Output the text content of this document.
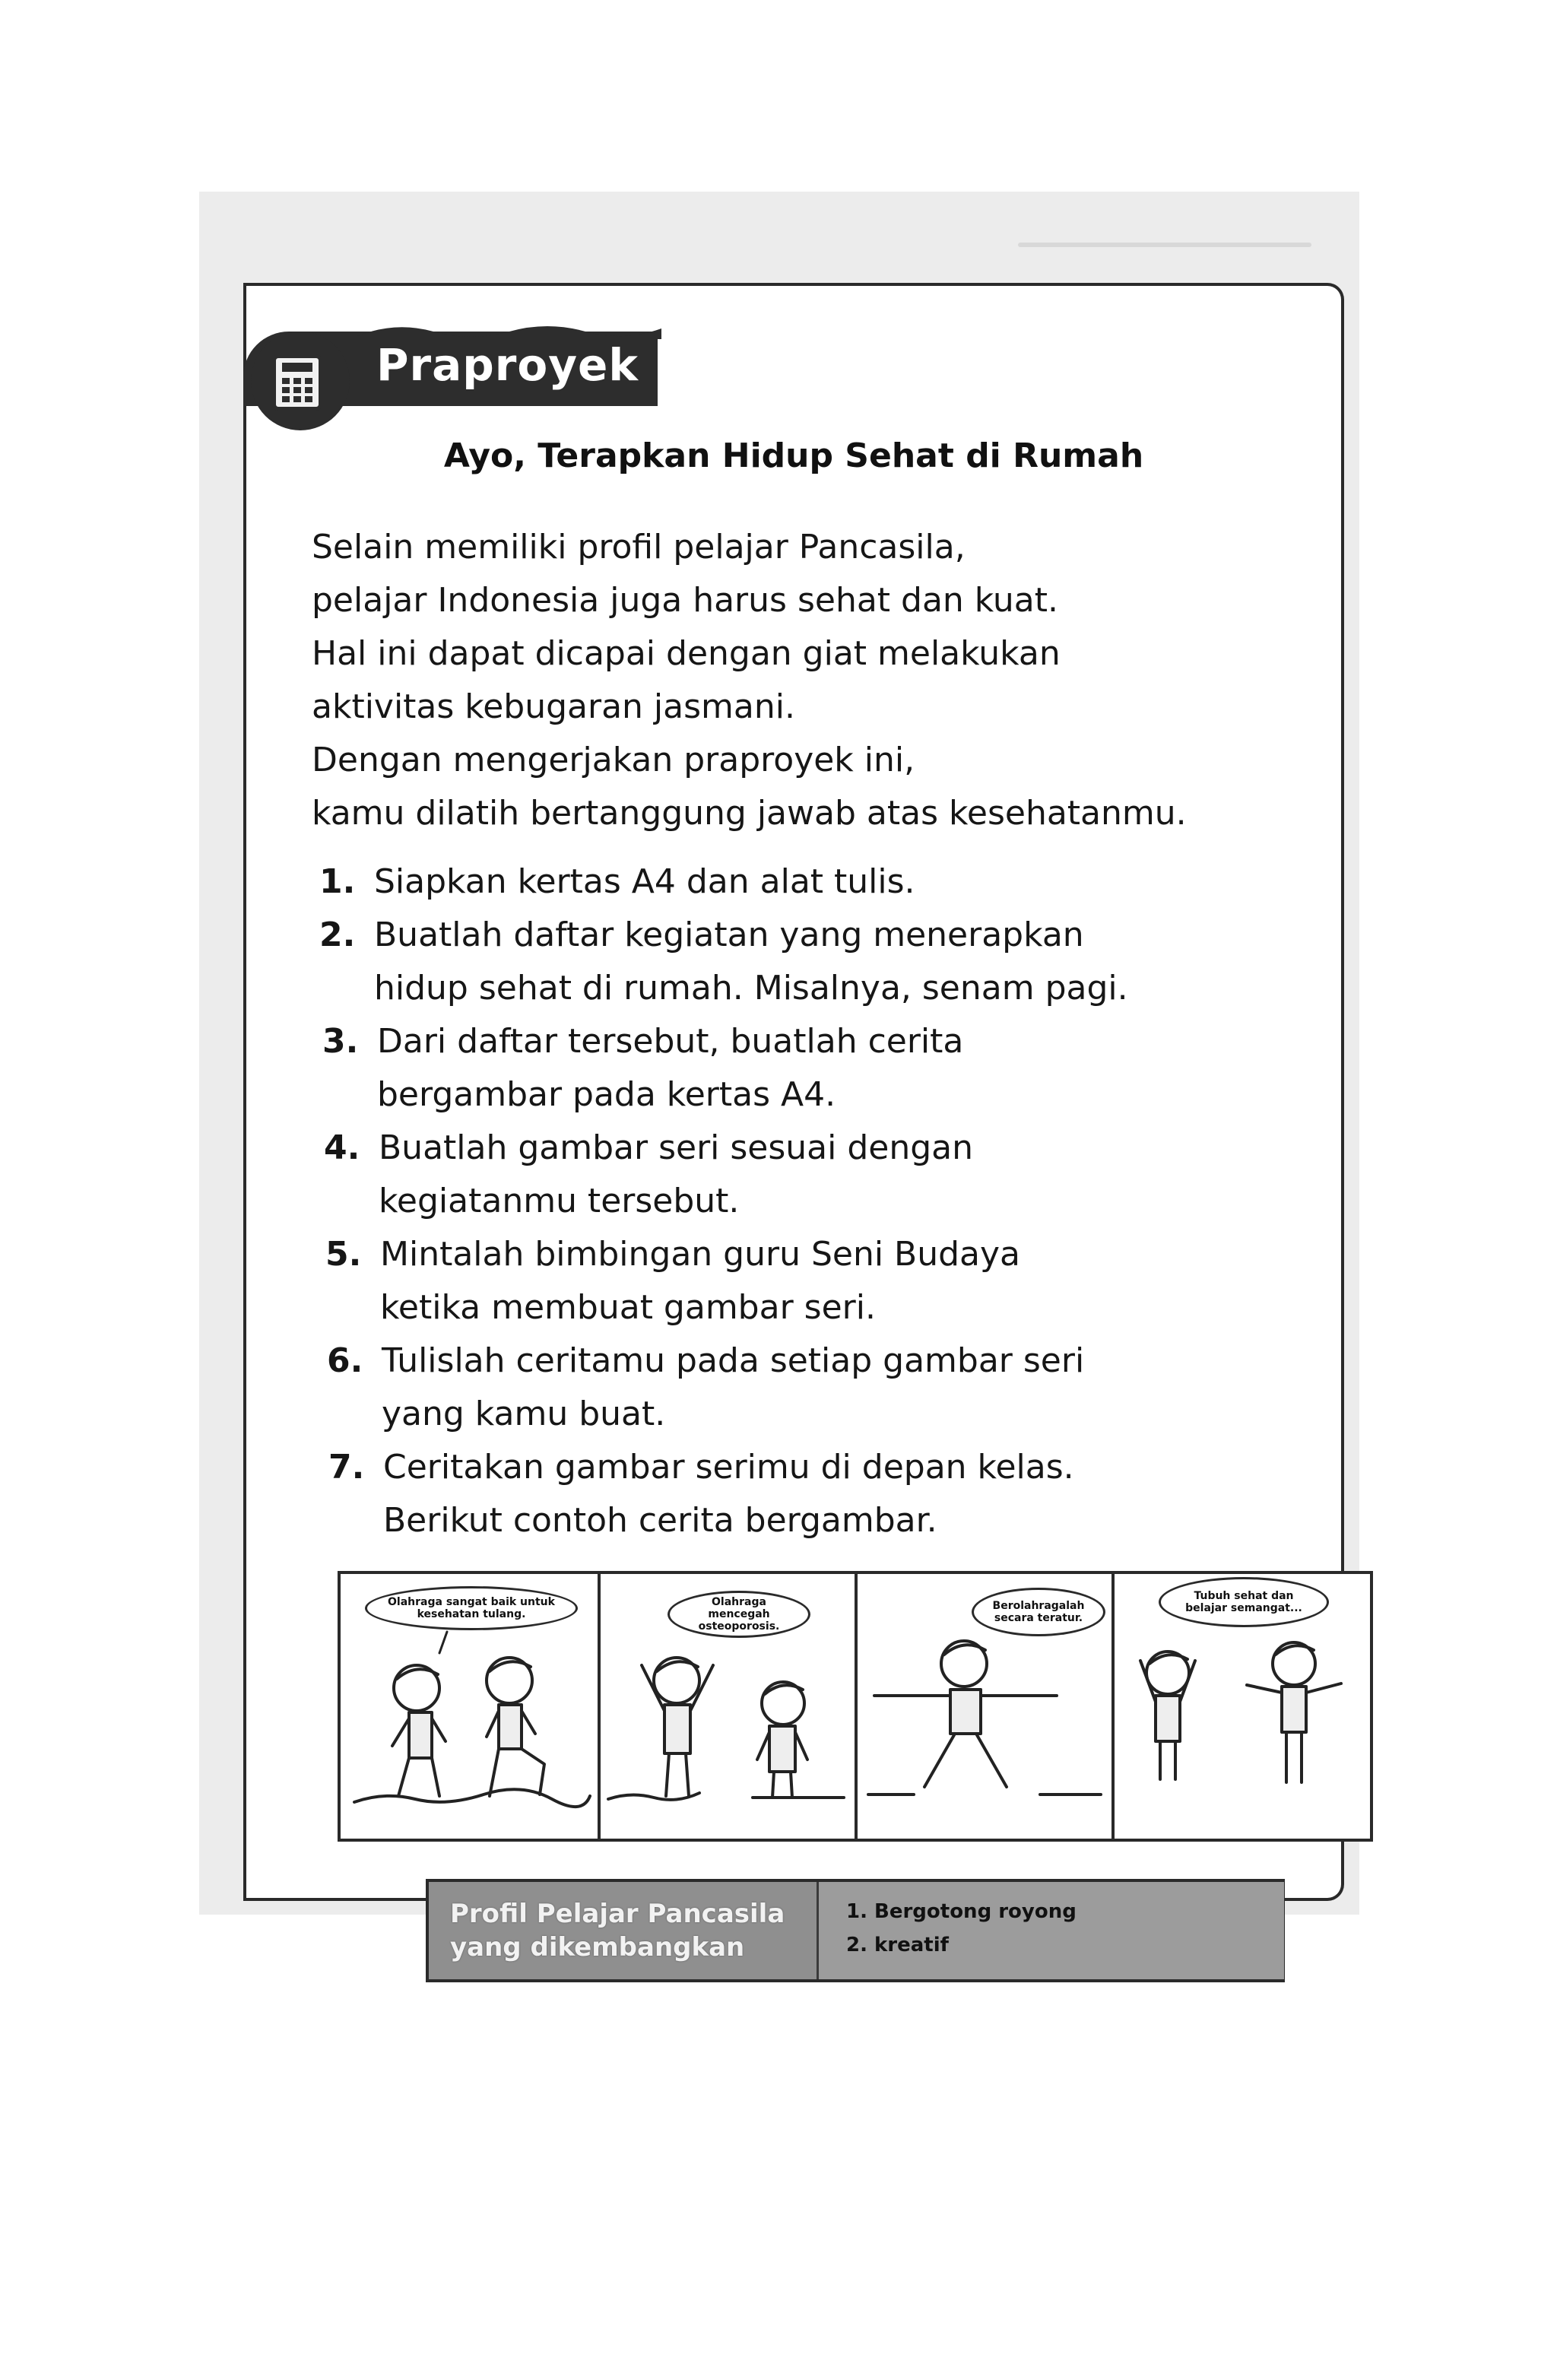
Praproyek
Ayo, Terapkan Hidup Sehat di Rumah
Selain memiliki profil pelajar Pancasila,
pelajar Indonesia juga harus sehat dan kuat.
Hal ini dapat dicapai dengan giat melakukan
aktivitas kebugaran jasmani.
Dengan mengerjakan praproyek ini,
kamu dilatih bertanggung jawab atas kesehatanmu.
1. Siapkan kertas A4 dan alat tulis.
2. Buatlah daftar kegiatan yang menerapkan
hidup sehat di rumah. Misalnya, senam pagi.
3. Dari daftar tersebut, buatlah cerita
bergambar pada kertas A4.
4. Buatlah gambar seri sesuai dengan
kegiatanmu tersebut.
5. Mintalah bimbingan guru Seni Budaya
ketika membuat gambar seri.
6. Tulislah ceritamu pada setiap gambar seri
yang kamu buat.
7. Ceritakan gambar serimu di depan kelas.
Berikut contoh cerita bergambar.
Olahraga sangat baik untuk kesehatan tulang.
Olahraga mencegah osteoporosis.
Berolahragalah secara teratur.
Tubuh sehat dan belajar semangat...
Profil Pelajar Pancasila
yang dikembangkan
1. Bergotong royong
2. kreatif
